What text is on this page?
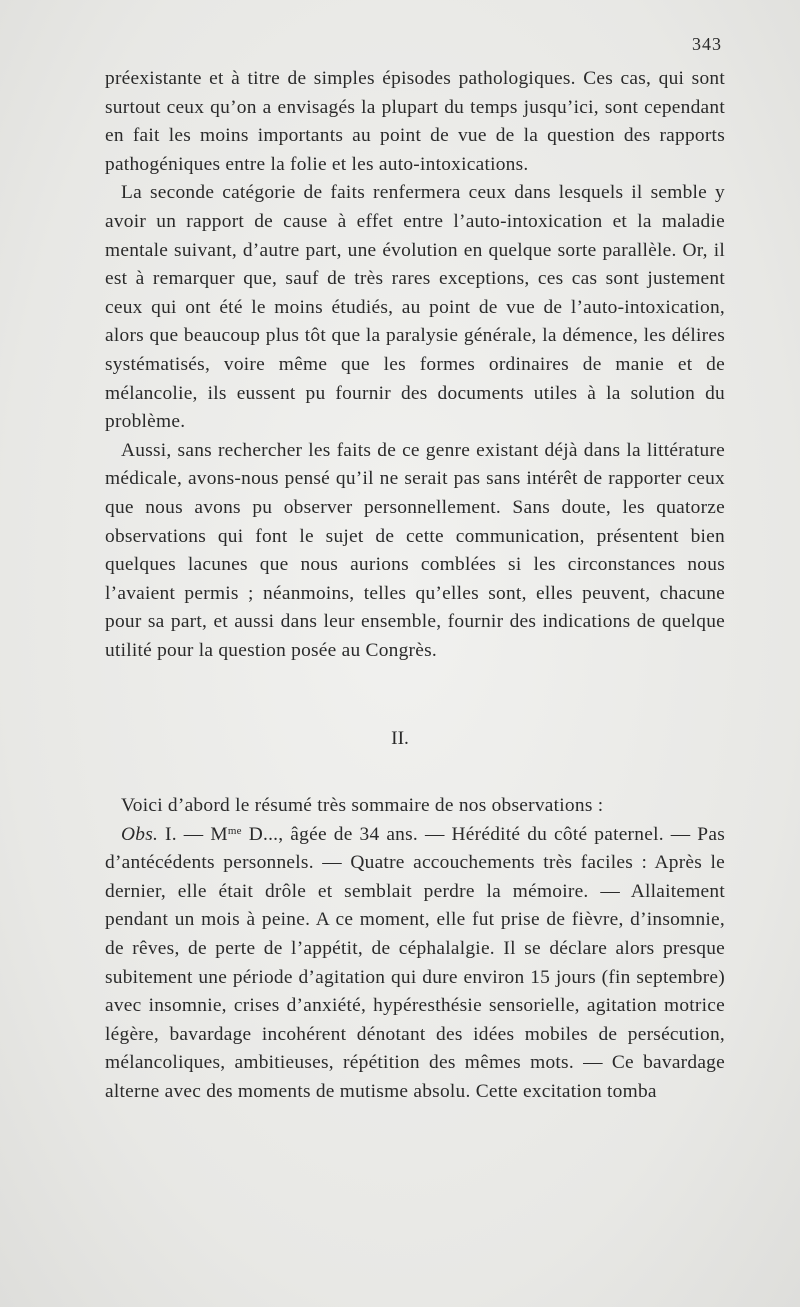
343

préexistante et à titre de simples épisodes pathologiques. Ces cas, qui sont surtout ceux qu’on a envisagés la plupart du temps jusqu’ici, sont cependant en fait les moins importants au point de vue de la question des rapports pathogéniques entre la folie et les auto-intoxications.

La seconde catégorie de faits renfermera ceux dans lesquels il semble y avoir un rapport de cause à effet entre l’auto-intoxication et la maladie mentale suivant, d’autre part, une évolution en quelque sorte parallèle. Or, il est à remarquer que, sauf de très rares exceptions, ces cas sont justement ceux qui ont été le moins étudiés, au point de vue de l’auto-intoxication, alors que beaucoup plus tôt que la paralysie générale, la démence, les délires systématisés, voire même que les formes ordinaires de manie et de mélancolie, ils eussent pu fournir des documents utiles à la solution du problème.

Aussi, sans rechercher les faits de ce genre existant déjà dans la littérature médicale, avons-nous pensé qu’il ne serait pas sans intérêt de rapporter ceux que nous avons pu observer personnellement. Sans doute, les quatorze observations qui font le sujet de cette communication, présentent bien quelques lacunes que nous aurions comblées si les circonstances nous l’avaient permis ; néanmoins, telles qu’elles sont, elles peuvent, chacune pour sa part, et aussi dans leur ensemble, fournir des indications de quelque utilité pour la question posée au Congrès.

II.

Voici d’abord le résumé très sommaire de nos observations :

Obs. I. — $M^{me}$ D..., âgée de 34 ans. — Hérédité du côté paternel. — Pas d’antécédents personnels. — Quatre accouchements très faciles : Après le dernier, elle était drôle et semblait perdre la mémoire. — Allaitement pendant un mois à peine. A ce moment, elle fut prise de fièvre, d’insomnie, de rêves, de perte de l’appétit, de céphalalgie. Il se déclare alors presque subitement une période d’agitation qui dure environ 15 jours (fin septembre) avec insomnie, crises d’anxiété, hypéresthésie sensorielle, agitation motrice légère, bavardage incohérent dénotant des idées mobiles de persécution, mélancoliques, ambitieuses, répétition des mêmes mots. — Ce bavardage alterne avec des moments de mutisme absolu. Cette excitation tomba
